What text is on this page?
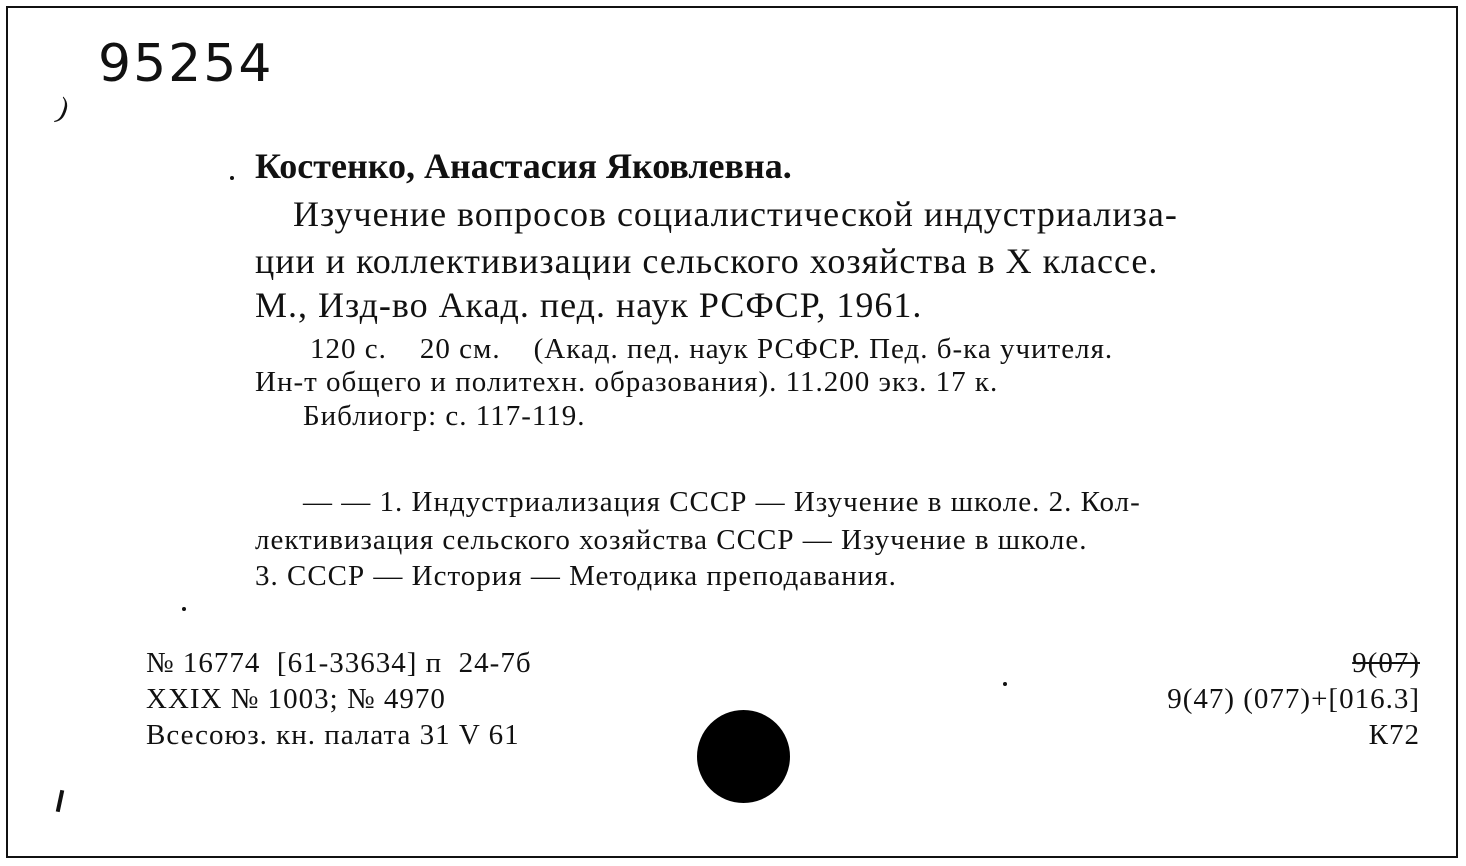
)
95254
Костенко, Анастасия Яковлевна.
Изучение вопросов социалистической индустриализа-
ции и коллективизации сельского хозяйства в X классе.
М., Изд-во Акад. пед. наук РСФСР, 1961.
120 с.    20 см.    (Акад. пед. наук РСФСР. Пед. б-ка учителя.
Ин-т общего и политехн. образования). 11.200 экз. 17 к.
Библиогр: с. 117-119.
— — 1. Индустриализация СССР — Изучение в школе. 2. Кол-
лективизация сельского хозяйства СССР — Изучение в школе.
3. СССР — История — Методика преподавания.
№ 16774  [61-33634] п  24-7б
XXIX № 1003; № 4970
Всесоюз. кн. палата 31 V 61
9(07)
9(47) (077)+[016.3]
К72
